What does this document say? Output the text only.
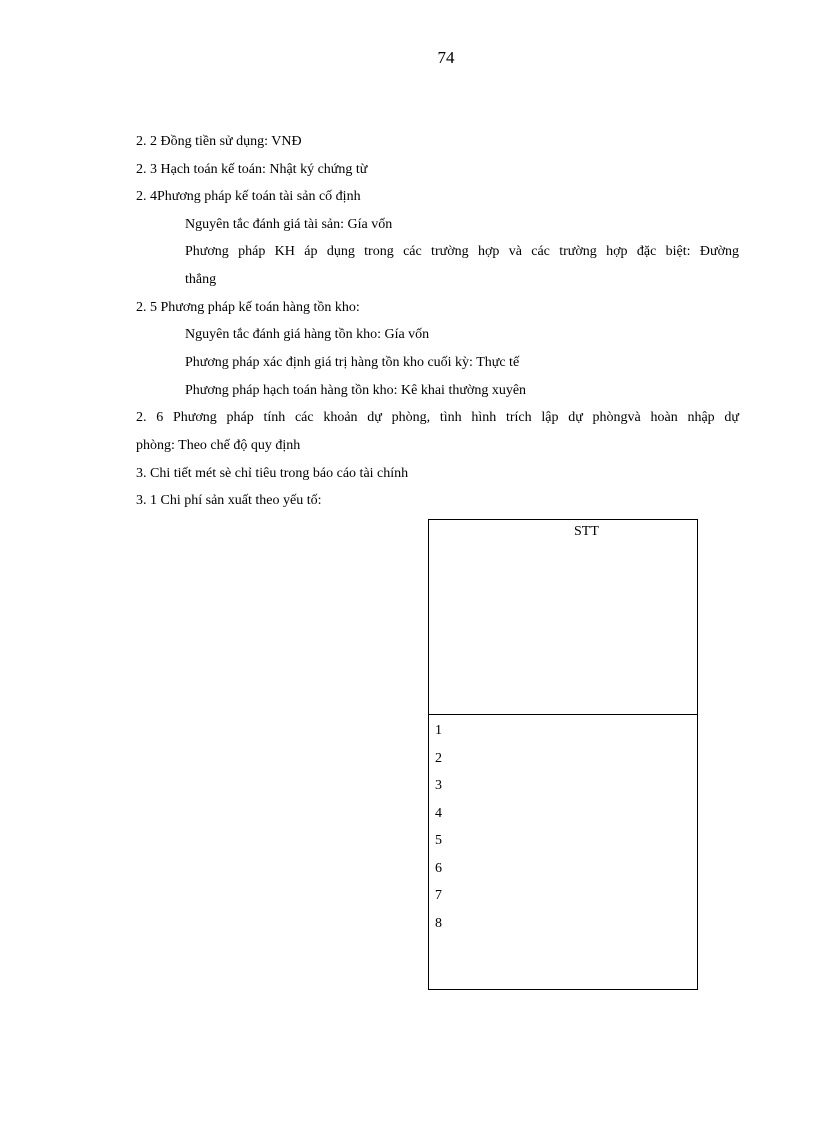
74
2. 2 Đồng tiền sử dụng: VNĐ
2. 3 Hạch toán kế toán: Nhật ký chứng từ
2. 4Phương pháp kế toán tài sản cố định
Nguyên tắc đánh giá tài sản: Gía vốn
Phương pháp KH áp dụng trong các trường hợp và các trường hợp đặc biệt: Đường
thẳng
2. 5 Phương pháp kế toán hàng tồn kho:
Nguyên tắc đánh giá hàng tồn kho: Gía vốn
Phương pháp xác định giá trị hàng tồn kho cuối kỳ: Thực tế
Phương pháp hạch toán hàng tồn kho: Kê khai thường xuyên
2. 6 Phương pháp tính các khoản dự phòng, tình hình trích lập dự phòngvà hoàn nhập dự
phòng: Theo chế độ quy định
3. Chi tiết mét sè chỉ tiêu trong báo cáo tài chính
3. 1 Chi phí sản xuất theo yếu tố:
STT
1
2
3
4
5
6
7
8
